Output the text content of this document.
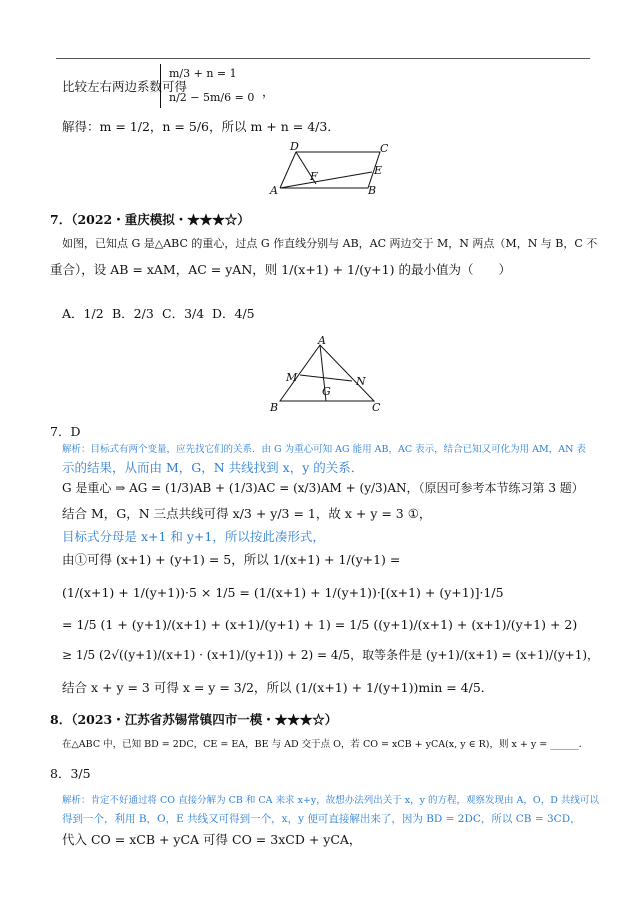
比较左右两边系数可得
m/3 + n = 1
n/2 − 5m/6 = 0 ，
解得：m = 1/2，n = 5/6，所以 m + n = 4/3．
A	B
C
D
E
F
7．（2022・重庆模拟・★★★☆）
如图，已知点 G 是△ABC 的重心，过点 G 作直线分别与 AB，AC 两边交于 M，N 两点（M，N 与 B，C 不
重合），设 AB = xAM，AC = yAN，则 1/(x+1) + 1/(y+1) 的最小值为（　　）
A．1/2 B．2/3 C．3/4 D．4/5
A
M	N
G
B	C
7．D
解析：目标式有两个变量，应先找它们的关系．由 G 为重心可知 AG 能用 AB，AC 表示，结合已知又可化为用 AM，AN 表
示的结果，从而由 M，G，N 共线找到 x，y 的关系．
G 是重心 ⇒ AG = (1/3)AB + (1/3)AC = (x/3)AM + (y/3)AN，（原因可参考本节练习第 3 题）
结合 M，G，N 三点共线可得 x/3 + y/3 = 1，故 x + y = 3 ①，
目标式分母是 x+1 和 y+1，所以按此凑形式，
由①可得 (x+1) + (y+1) = 5，所以 1/(x+1) + 1/(y+1) =
(1/(x+1) + 1/(y+1))·5 × 1/5 = (1/(x+1) + 1/(y+1))·[(x+1) + (y+1)]·1/5
= 1/5 (1 + (y+1)/(x+1) + (x+1)/(y+1) + 1) = 1/5 ((y+1)/(x+1) + (x+1)/(y+1) + 2)
≥ 1/5 (2√((y+1)/(x+1) · (x+1)/(y+1)) + 2) = 4/5，取等条件是 (y+1)/(x+1) = (x+1)/(y+1)，
结合 x + y = 3 可得 x = y = 3/2，所以 (1/(x+1) + 1/(y+1))min = 4/5．
8．（2023・江苏省苏锡常镇四市一模・★★★☆）
在△ABC 中，已知 BD = 2DC，CE = EA，BE 与 AD 交于点 O，若 CO = xCB + yCA(x, y ∈ R)，则 x + y = ______．
8．3/5
解析：肯定不好通过将 CO 直接分解为 CB 和 CA 来求 x+y，故想办法列出关于 x，y 的方程，观察发现由 A，O，D 共线可以
得到一个，利用 B，O，E 共线又可得到一个，x，y 便可直接解出来了，因为 BD = 2DC，所以 CB = 3CD，
代入 CO = xCB + yCA 可得 CO = 3xCD + yCA，
